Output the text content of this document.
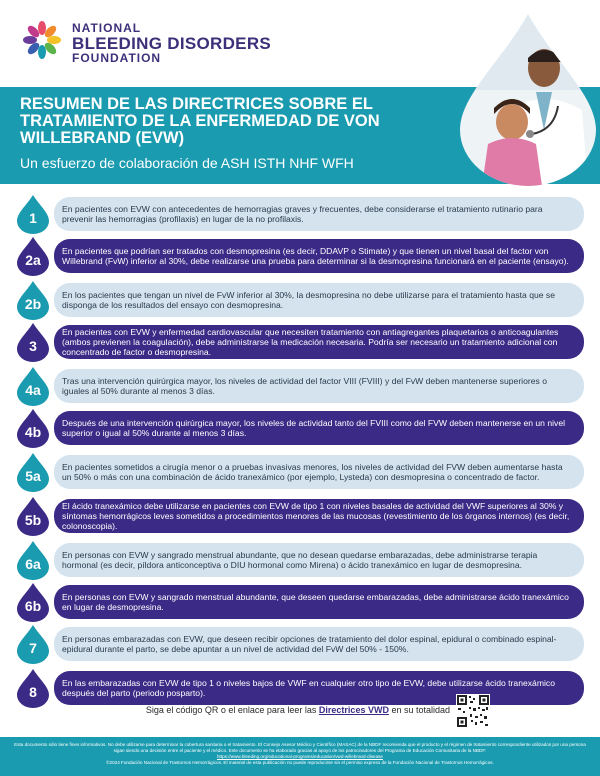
NATIONAL
BLEEDING DISORDERS
FOUNDATION
RESUMEN DE LAS DIRECTRICES SOBRE EL TRATAMIENTO DE LA ENFERMEDAD DE VON WILLEBRAND (EVW)
Un esfuerzo de colaboración de ASH ISTH NHF WFH
1
En pacientes con EVW con antecedentes de hemorragias graves y frecuentes, debe considerarse el tratamiento rutinario para prevenir las hemorragias (profilaxis) en lugar de la no profilaxis.
2a
En pacientes que podrían ser tratados con desmopresina (es decir, DDAVP o Stimate) y que tienen un nivel basal del factor von Willebrand (FvW) inferior al 30%, debe realizarse una prueba para determinar si la desmopresina funcionará en el paciente (ensayo).
2b
En los pacientes que tengan un nivel de FvW inferior al 30%, la desmopresina no debe utilizarse para el tratamiento hasta que se disponga de los resultados del ensayo con desmopresina.
3
En pacientes con EVW y enfermedad cardiovascular que necesiten tratamiento con antiagregantes plaquetarios o anticoagulantes (ambos previenen la coagulación), debe administrarse la medicación necesaria. Podría ser necesario un tratamiento adicional con concentrado de factor o desmopresina.
4a
Tras una intervención quirúrgica mayor, los niveles de actividad del factor VIII (FVIII) y del FvW deben mantenerse superiores o iguales al 50% durante al menos 3 días.
4b
Después de una intervención quirúrgica mayor, los niveles de actividad tanto del FVIII como del FVW deben mantenerse en un nivel superior o igual al 50% durante al menos 3 días.
5a
En pacientes sometidos a cirugía menor o a pruebas invasivas menores, los niveles de actividad del FVW deben aumentarse hasta un 50% o más con una combinación de ácido tranexámico (por ejemplo, Lysteda) con desmopresina o concentrado de factor.
5b
El ácido tranexámico debe utilizarse en pacientes con EVW de tipo 1 con niveles basales de actividad del VWF superiores al 30% y síntomas hemorrágicos leves sometidos a procedimientos menores de las mucosas (revestimiento de los órganos internos) (es decir, colonoscopia).
6a
En personas con EVW y sangrado menstrual abundante, que no desean quedarse embarazadas, debe administrarse terapia hormonal (es decir, píldora anticonceptiva o DIU hormonal como Mirena) o ácido tranexámico en lugar de desmopresina.
6b
En personas con EVW y sangrado menstrual abundante, que deseen quedarse embarazadas, debe administrarse ácido tranexámico en lugar de desmopresina.
7
En personas embarazadas con EVW, que deseen recibir opciones de tratamiento del dolor espinal, epidural o combinado espinal-epidural durante el parto, se debe apuntar a un nivel de actividad del FvW del 50% - 150%.
8
En las embarazadas con EVW de tipo 1 o niveles bajos de VWF en cualquier otro tipo de EVW, debe utilizarse ácido tranexámico después del parto (periodo posparto).
Siga el código QR o el enlace para leer las Directrices VWD en su totalidad
Esta documento sólo tiene fines informativos. No debe utilizarse para determinar la cobertura sanitaria o el tratamiento. El Consejo Asesor Médico y Científico (MASAC) de la NBDF recomienda que el producto y el régimen de tratamiento correspondiente utilizados por una persona sigan siendo una decisión entre el paciente y el médico. Este documento se ha elaborado gracias al apoyo de los patrocinadores del Programa de Educación Comunitaria de la NBDF:
https://www.bleeding.org/educational-programs/education/vwd-willebrand-disease
©2024 Fundación Nacional de Trastornos Hemorrágicos. El material de esta publicación no puede reproducirse sin el permiso expreso de la Fundación Nacional de Trastornos Hemorrágicos.
